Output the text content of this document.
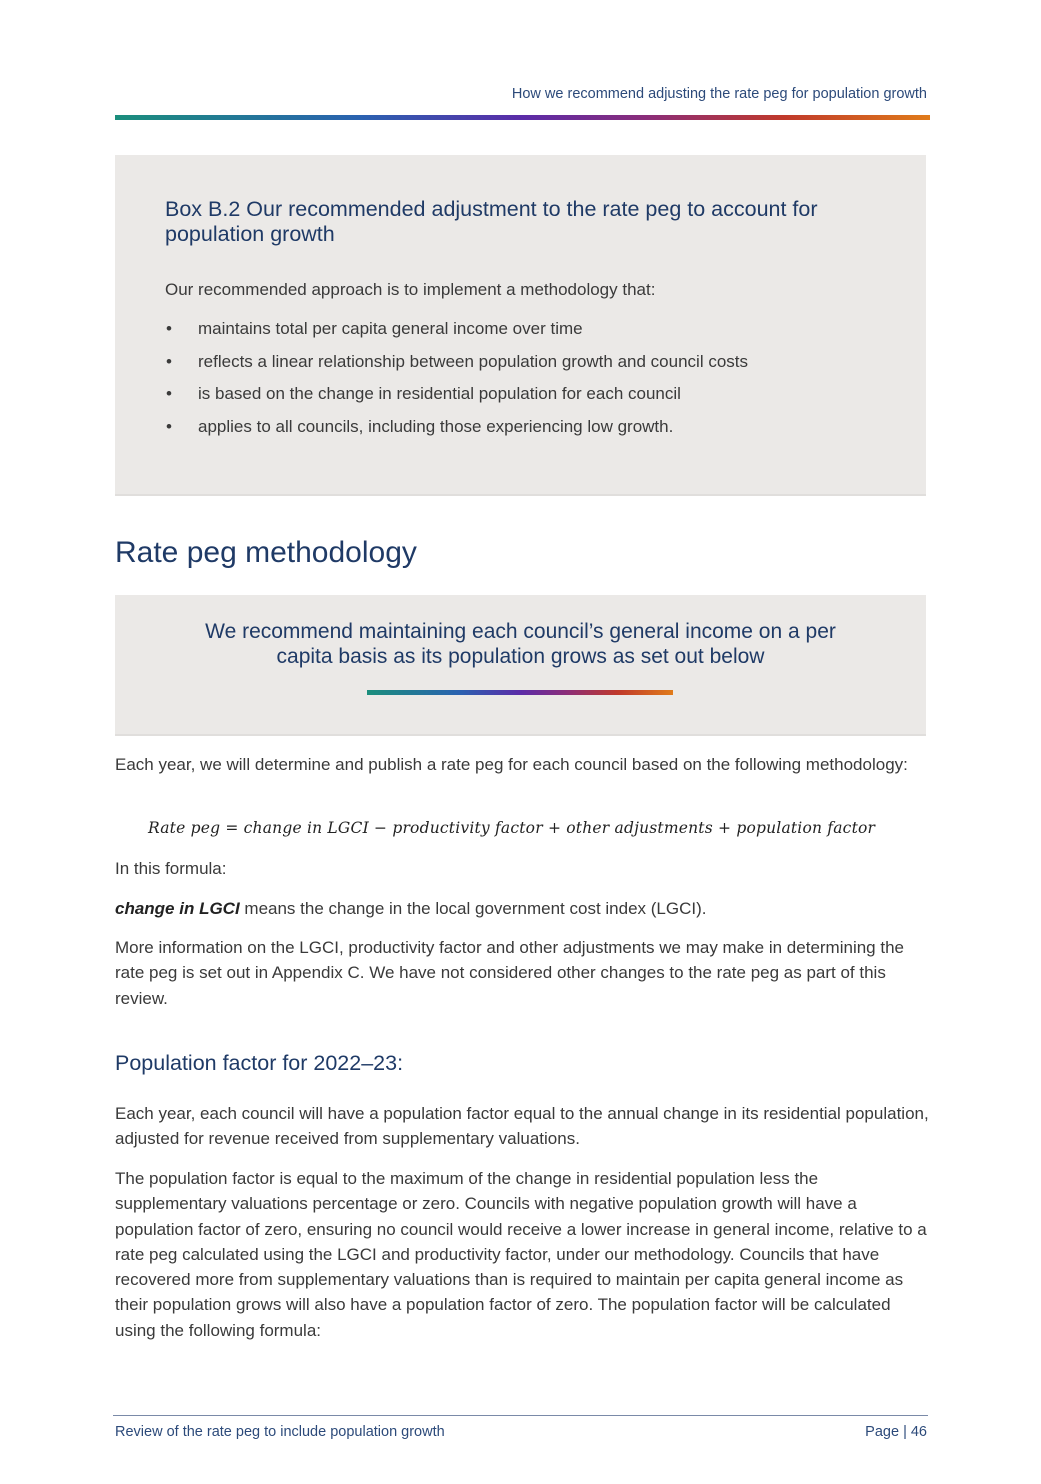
How we recommend adjusting the rate peg for population growth
Box B.2 Our recommended adjustment to the rate peg to account for population growth
Our recommended approach is to implement a methodology that:
• maintains total per capita general income over time
• reflects a linear relationship between population growth and council costs
• is based on the change in residential population for each council
• applies to all councils, including those experiencing low growth.
Rate peg methodology
We recommend maintaining each council’s general income on a per capita basis as its population grows as set out below
Each year, we will determine and publish a rate peg for each council based on the following methodology:
Rate peg = change in LGCI − productivity factor + other adjustments + population factor
In this formula:
change in LGCI means the change in the local government cost index (LGCI).
More information on the LGCI, productivity factor and other adjustments we may make in determining the rate peg is set out in Appendix C. We have not considered other changes to the rate peg as part of this review.
Population factor for 2022–23:
Each year, each council will have a population factor equal to the annual change in its residential population, adjusted for revenue received from supplementary valuations.
The population factor is equal to the maximum of the change in residential population less the supplementary valuations percentage or zero. Councils with negative population growth will have a population factor of zero, ensuring no council would receive a lower increase in general income, relative to a rate peg calculated using the LGCI and productivity factor, under our methodology. Councils that have recovered more from supplementary valuations than is required to maintain per capita general income as their population grows will also have a population factor of zero. The population factor will be calculated using the following formula:
Review of the rate peg to include population growth	Page | 46
